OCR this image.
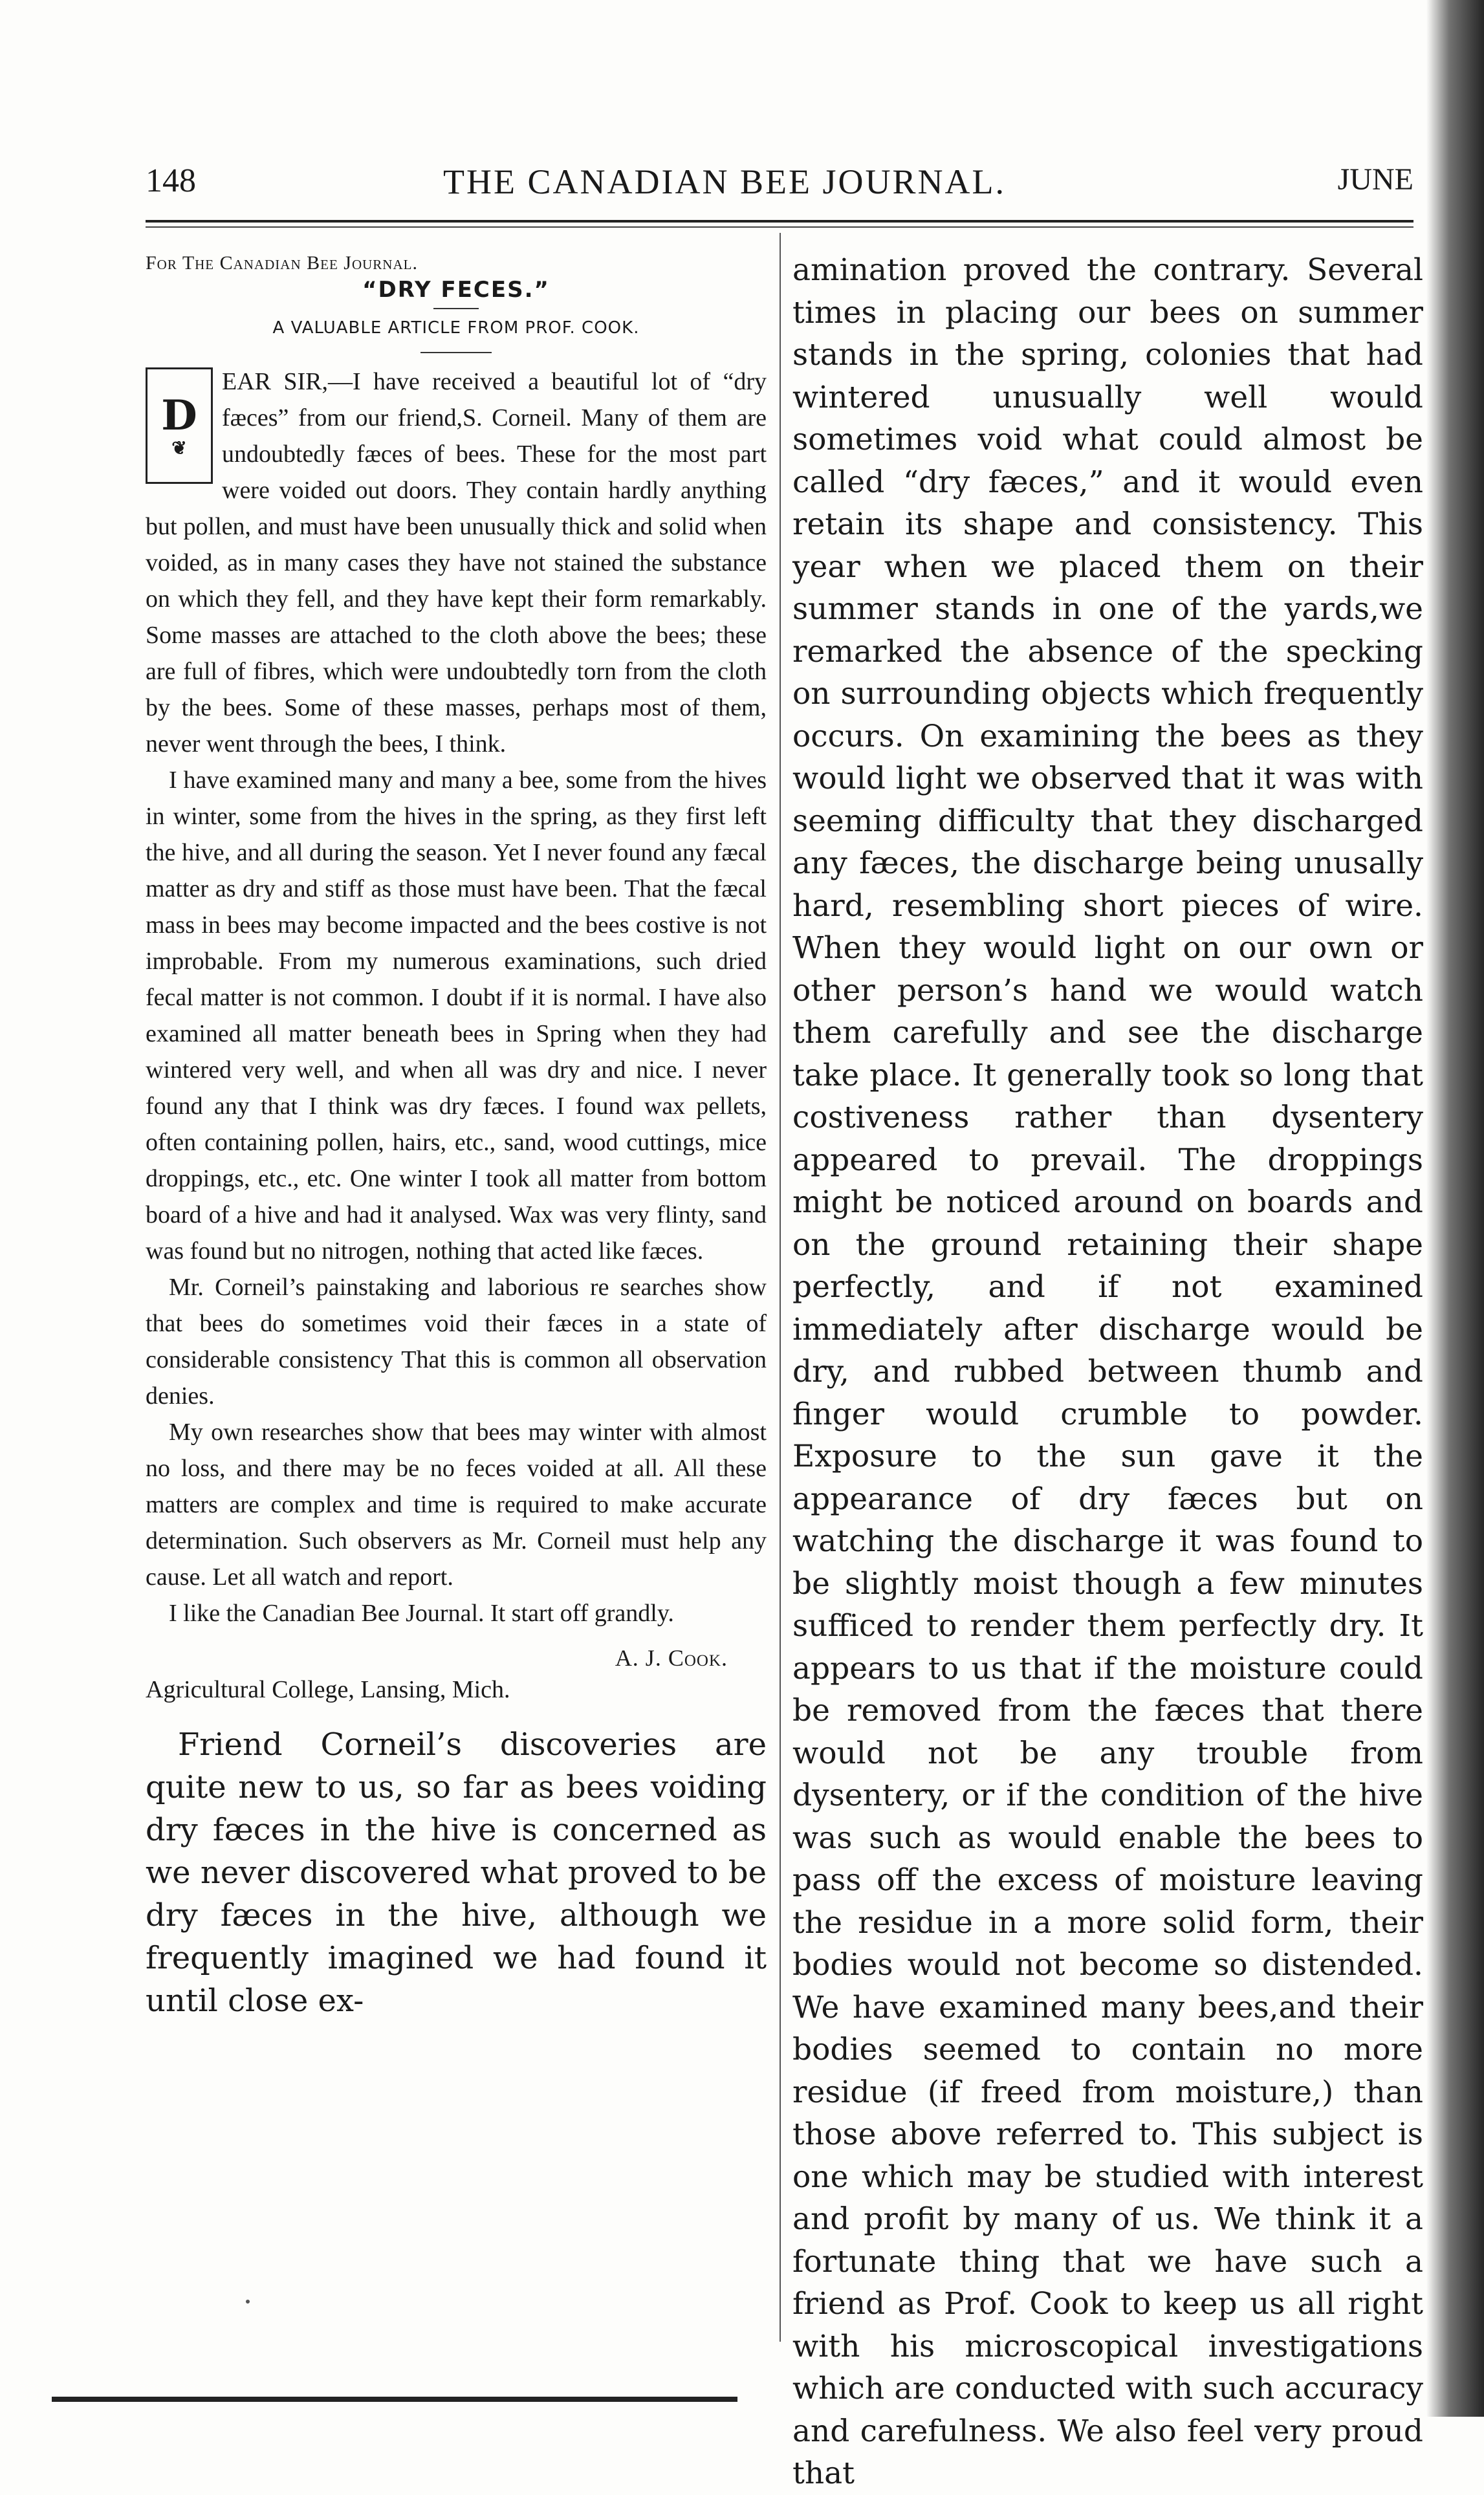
148	THE CANADIAN BEE JOURNAL.	JUNE

For The Canadian Bee Journal.

“DRY FECES.”

A VALUABLE ARTICLE FROM PROF. COOK.

D
❦

EAR SIR,—I have received a beautiful lot of “dry fæces” from our friend,S. Corneil. Many of them are undoubtedly fæces of bees. These for the most part were voided out doors. They contain hardly anything but pollen, and must have been unusually thick and solid when voided, as in many cases they have not stained the substance on which they fell, and they have kept their form remarkably. Some masses are attached to the cloth above the bees; these are full of fibres, which were undoubtedly torn from the cloth by the bees. Some of these masses, perhaps most of them, never went through the bees, I think.

I have examined many and many a bee, some from the hives in winter, some from the hives in the spring, as they first left the hive, and all during the season. Yet I never found any fæcal matter as dry and stiff as those must have been. That the fæcal mass in bees may become impacted and the bees costive is not improbable. From my numerous examinations, such dried fecal matter is not common. I doubt if it is normal. I have also examined all matter beneath bees in Spring when they had wintered very well, and when all was dry and nice. I never found any that I think was dry fæces. I found wax pellets, often containing pollen, hairs, etc., sand, wood cuttings, mice droppings, etc., etc. One winter I took all matter from bottom board of a hive and had it analysed. Wax was very flinty, sand was found but no nitrogen, nothing that acted like fæces.

Mr. Corneil’s painstaking and laborious re searches show that bees do sometimes void their fæces in a state of considerable consistency That this is common all observation denies.

My own researches show that bees may winter with almost no loss, and there may be no feces voided at all. All these matters are complex and time is required to make accurate determination. Such observers as Mr. Corneil must help any cause. Let all watch and report.

I like the Canadian Bee Journal. It start off grandly.

A. J. Cook.

Agricultural College, Lansing, Mich.

Friend Corneil’s discoveries are quite new to us, so far as bees voiding dry fæces in the hive is concerned as we never discovered what proved to be dry fæces in the hive, although we frequently imagined we had found it until close ex-

amination proved the contrary. Several times in placing our bees on summer stands in the spring, colonies that had wintered unusually well would sometimes void what could almost be called “dry fæces,” and it would even retain its shape and consistency. This year when we placed them on their summer stands in one of the yards,we remarked the absence of the specking on surrounding objects which frequently occurs. On examining the bees as they would light we observed that it was with seeming difficulty that they discharged any fæces, the discharge being unusally hard, resembling short pieces of wire. When they would light on our own or other person’s hand we would watch them carefully and see the discharge take place. It generally took so long that costiveness rather than dysentery appeared to prevail. The droppings might be noticed around on boards and on the ground retaining their shape perfectly, and if not examined immediately after discharge would be dry, and rubbed between thumb and finger would crumble to powder. Exposure to the sun gave it the appearance of dry fæces but on watching the discharge it was found to be slightly moist though a few minutes sufficed to render them perfectly dry. It appears to us that if the moisture could be removed from the fæces that there would not be any trouble from dysentery, or if the condition of the hive was such as would enable the bees to pass off the excess of moisture leaving the residue in a more solid form, their bodies would not become so distended. We have examined many bees,and their bodies seemed to contain no more residue (if freed from moisture,) than those above referred to. This subject is one which may be studied with interest and profit by many of us. We think it a fortunate thing that we have such a friend as Prof. Cook to keep us all right with his microscopical investigations which are conducted with such accuracy and carefulness. We also feel very proud that
